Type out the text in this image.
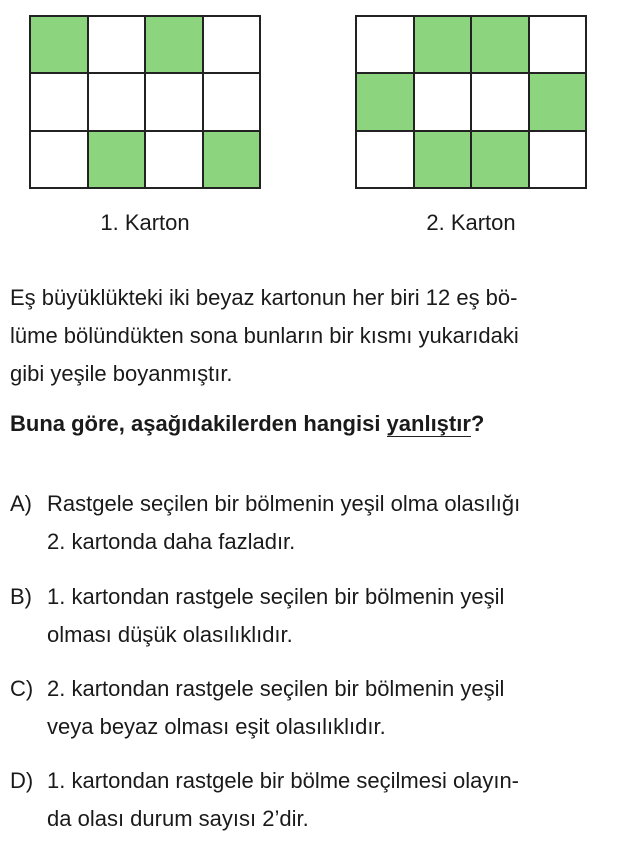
1. Karton	2. Karton

Eş büyüklükteki iki beyaz kartonun her biri 12 eş bö-
lüme bölündükten sona bunların bir kısmı yukarıdaki
gibi yeşile boyanmıştır.

Buna göre, aşağıdakilerden hangisi yanlıştır?

A) Rastgele seçilen bir bölmenin yeşil olma olasılığı
2. kartonda daha fazladır.
B) 1. kartondan rastgele seçilen bir bölmenin yeşil
olması düşük olasılıklıdır.
C) 2. kartondan rastgele seçilen bir bölmenin yeşil
veya beyaz olması eşit olasılıklıdır.
D) 1. kartondan rastgele bir bölme seçilmesi olayın-
da olası durum sayısı 2’dir.
